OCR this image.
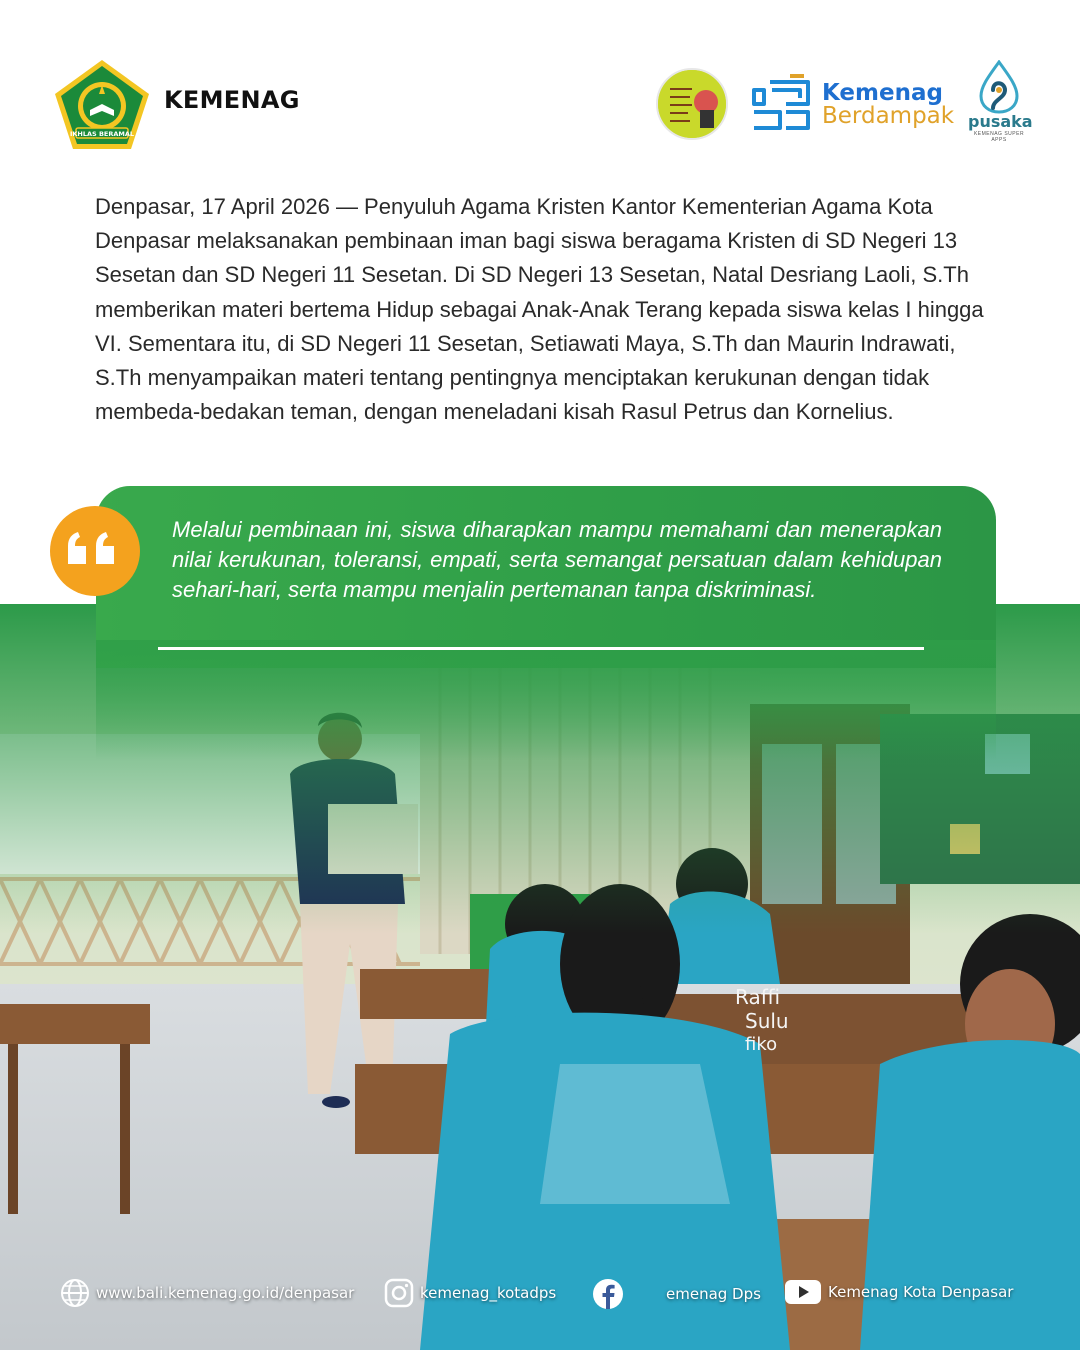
IKHLAS BERAMAL
KEMENAG	Kemenag
Berdampak pusaka
KEMENAG SUPER APPS

Denpasar, 17 April 2026 — Penyuluh Agama Kristen Kantor Kementerian Agama Kota Denpasar melaksanakan pembinaan iman bagi siswa beragama Kristen di SD Negeri 13 Sesetan dan SD Negeri 11 Sesetan. Di SD Negeri 13 Sesetan, Natal Desriang Laoli, S.Th memberikan materi bertema Hidup sebagai Anak-Anak Terang kepada siswa kelas I hingga VI. Sementara itu, di SD Negeri 11 Sesetan, Setiawati Maya, S.Th dan Maurin Indrawati, S.Th menyampaikan materi tentang pentingnya menciptakan kerukunan dengan tidak membeda-bedakan teman, dengan meneladani kisah Rasul Petrus dan Kornelius.

Raffi
Sulu
fiko

Melalui pembinaan ini, siswa diharapkan mampu memahami dan menerapkan nilai kerukunan, toleransi, empati, serta semangat persatuan dalam kehidupan sehari-hari, serta mampu menjalin pertemanan tanpa diskriminasi.

www.bali.kemenag.go.id/denpasar	kemenag_kotadps	emenag Dps	Kemenag Kota Denpasar
